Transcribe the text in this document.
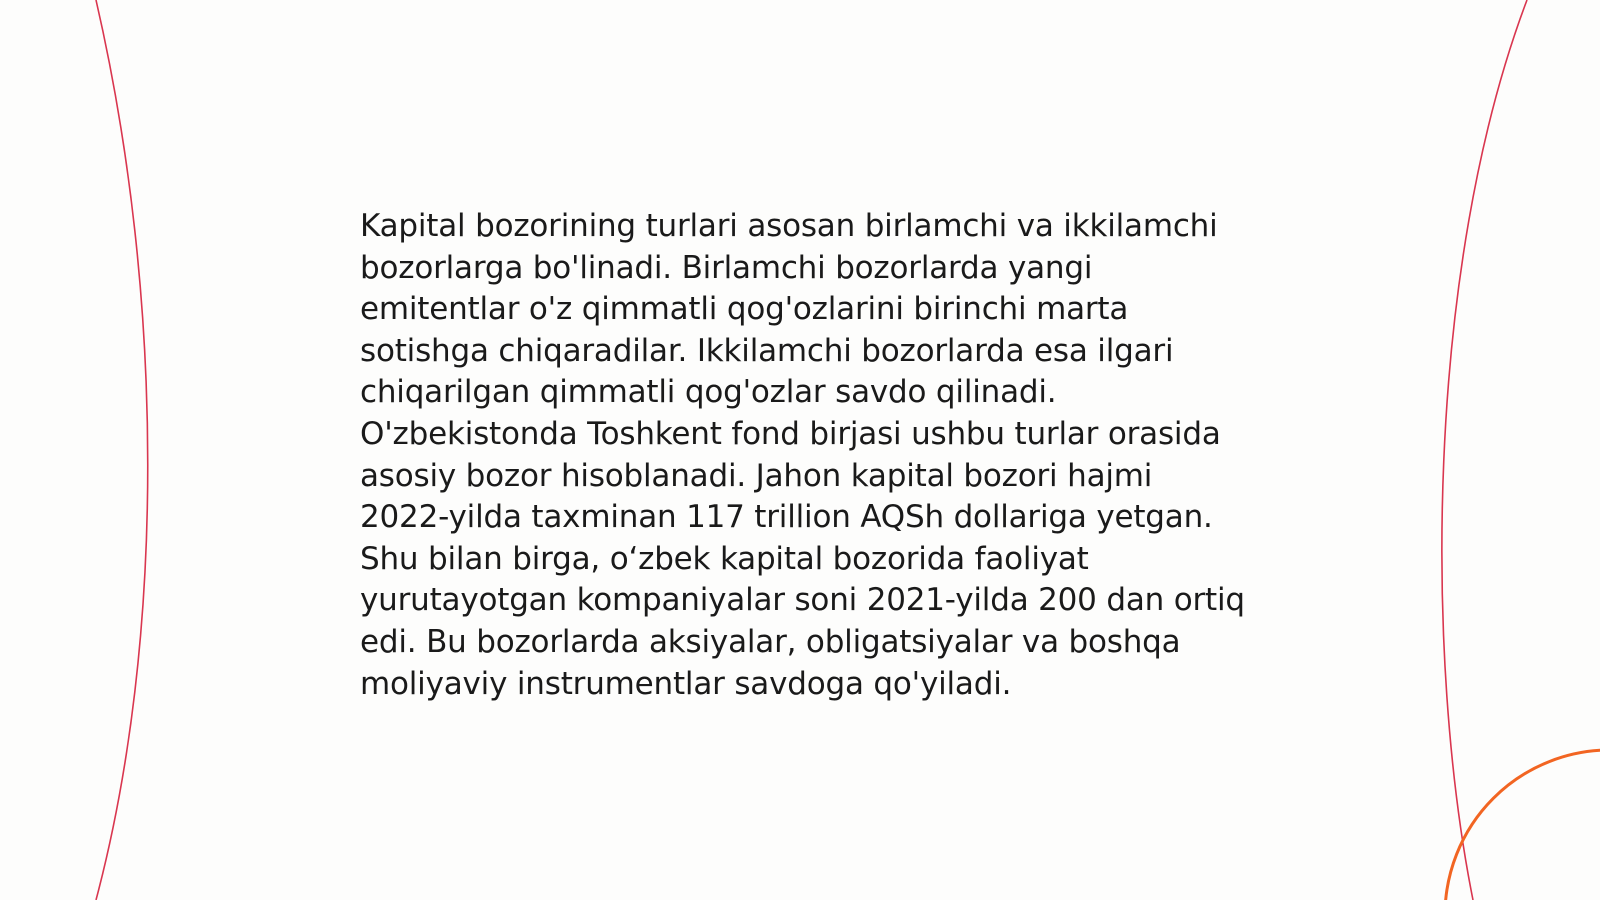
Kapital bozorining turlari asosan birlamchi va ikkilamchi bozorlarga bo'linadi. Birlamchi bozorlarda yangi emitentlar o'z qimmatli qog'ozlarini birinchi marta sotishga chiqaradilar. Ikkilamchi bozorlarda esa ilgari chiqarilgan qimmatli qog'ozlar savdo qilinadi. O'zbekistonda Toshkent fond birjasi ushbu turlar orasida asosiy bozor hisoblanadi. Jahon kapital bozori hajmi 2022-yilda taxminan 117 trillion AQSh dollariga yetgan. Shu bilan birga, oʻzbek kapital bozorida faoliyat yurutayotgan kompaniyalar soni 2021-yilda 200 dan ortiq edi. Bu bozorlarda aksiyalar, obligatsiyalar va boshqa moliyaviy instrumentlar savdoga qo'yiladi.
